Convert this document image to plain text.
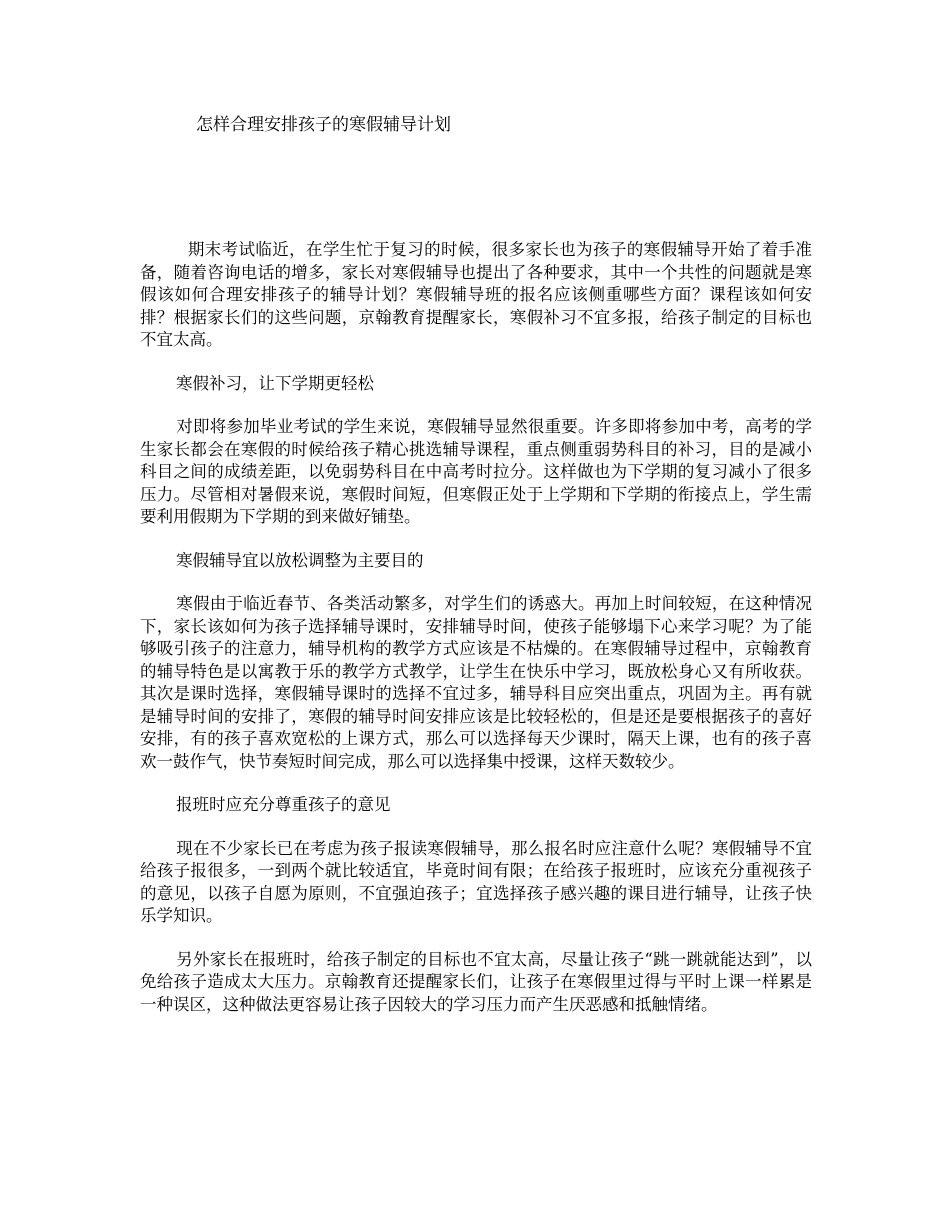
怎样合理安排孩子的寒假辅导计划

期末考试临近，在学生忙于复习的时候，很多家长也为孩子的寒假辅导开始了着手准备，随着咨询电话的增多，家长对寒假辅导也提出了各种要求，其中一个共性的问题就是寒假该如何合理安排孩子的辅导计划？寒假辅导班的报名应该侧重哪些方面？课程该如何安排？根据家长们的这些问题，京翰教育提醒家长，寒假补习不宜多报，给孩子制定的目标也不宜太高。

寒假补习，让下学期更轻松

对即将参加毕业考试的学生来说，寒假辅导显然很重要。许多即将参加中考，高考的学生家长都会在寒假的时候给孩子精心挑选辅导课程，重点侧重弱势科目的补习，目的是减小科目之间的成绩差距，以免弱势科目在中高考时拉分。这样做也为下学期的复习减小了很多压力。尽管相对暑假来说，寒假时间短，但寒假正处于上学期和下学期的衔接点上，学生需要利用假期为下学期的到来做好铺垫。

寒假辅导宜以放松调整为主要目的

寒假由于临近春节、各类活动繁多，对学生们的诱惑大。再加上时间较短，在这种情况下，家长该如何为孩子选择辅导课时，安排辅导时间，使孩子能够塌下心来学习呢？为了能够吸引孩子的注意力，辅导机构的教学方式应该是不枯燥的。在寒假辅导过程中，京翰教育的辅导特色是以寓教于乐的教学方式教学，让学生在快乐中学习，既放松身心又有所收获。其次是课时选择，寒假辅导课时的选择不宜过多，辅导科目应突出重点，巩固为主。再有就是辅导时间的安排了，寒假的辅导时间安排应该是比较轻松的，但是还是要根据孩子的喜好安排，有的孩子喜欢宽松的上课方式，那么可以选择每天少课时，隔天上课，也有的孩子喜欢一鼓作气，快节奏短时间完成，那么可以选择集中授课，这样天数较少。

报班时应充分尊重孩子的意见

现在不少家长已在考虑为孩子报读寒假辅导，那么报名时应注意什么呢？寒假辅导不宜给孩子报很多，一到两个就比较适宜，毕竟时间有限；在给孩子报班时，应该充分重视孩子的意见，以孩子自愿为原则，不宜强迫孩子；宜选择孩子感兴趣的课目进行辅导，让孩子快乐学知识。

另外家长在报班时，给孩子制定的目标也不宜太高，尽量让孩子“跳一跳就能达到”，以免给孩子造成太大压力。京翰教育还提醒家长们，让孩子在寒假里过得与平时上课一样累是一种误区，这种做法更容易让孩子因较大的学习压力而产生厌恶感和抵触情绪。
